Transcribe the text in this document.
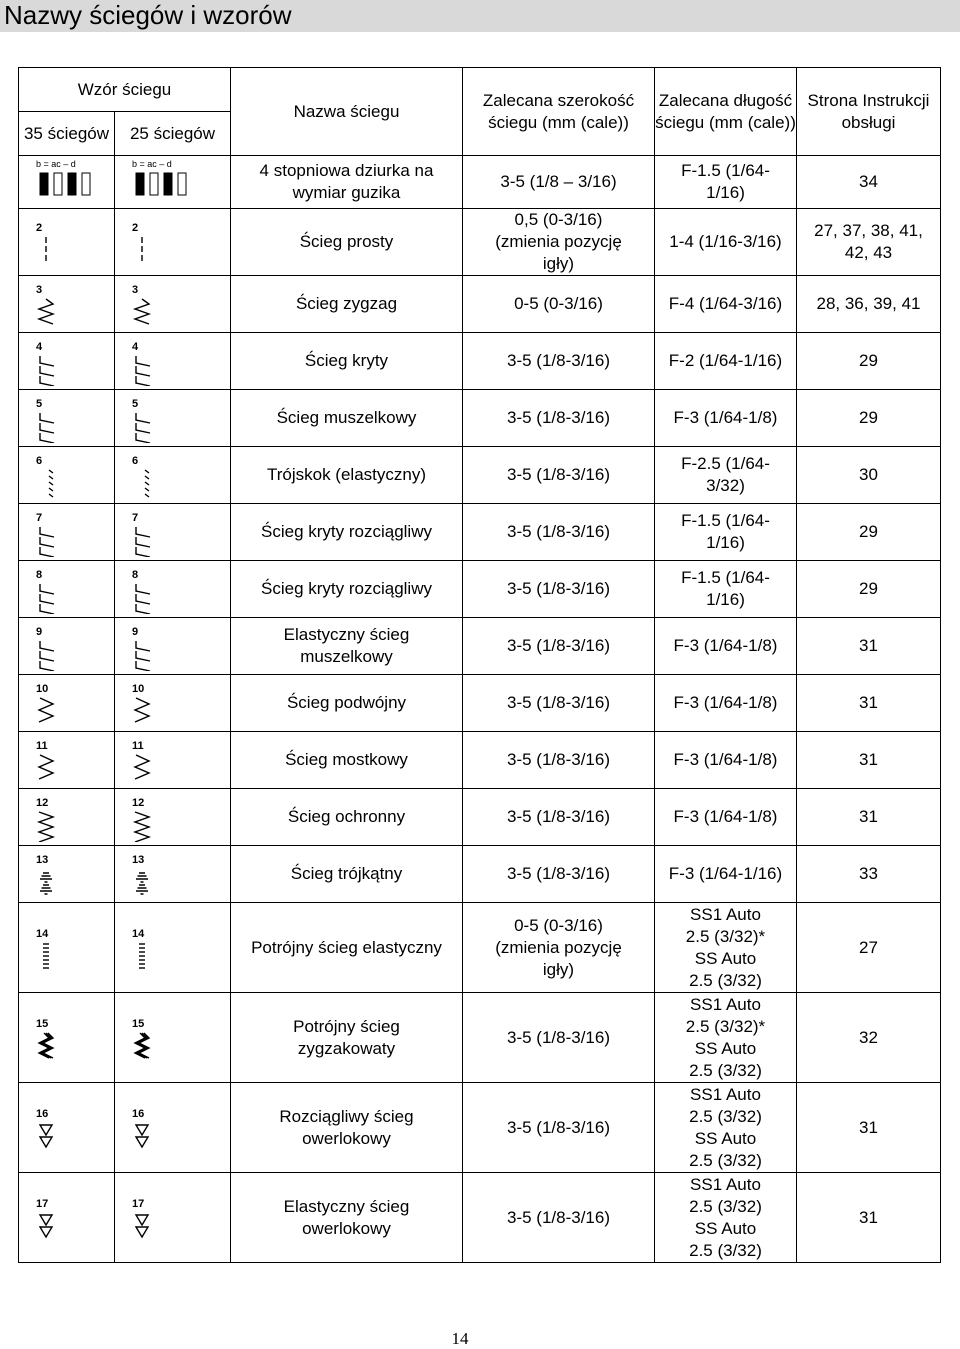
Nazwy ściegów i wzorów
Wzór ściegu		Nazwa ściegu	Zalecana szerokość ściegu (mm (cale))	Zalecana długość ściegu (mm (cale))	Strona Instrukcji obsługi
35 ściegów	25 ściegów				

b = ac – d	b = ac – d	4 stopniowa dziurka na wymiar guzika	3-5 (1/8 – 3/16)	F-1.5 (1/64-1/16)	34

2	2	Ścieg prosty	0,5 (0-3/16) (zmienia pozycję igły)	1-4 (1/16-3/16)	27, 37, 38, 41, 42, 43

3	3	Ścieg zygzag	0-5 (0-3/16)	F-4 (1/64-3/16)	28, 36, 39, 41

4	4	Ścieg kryty	3-5 (1/8-3/16)	F-2 (1/64-1/16)	29

5	5	Ścieg muszelkowy	3-5 (1/8-3/16)	F-3 (1/64-1/8)	29

6	6	Trójskok (elastyczny)	3-5 (1/8-3/16)	F-2.5 (1/64-3/32)	30

7	7	Ścieg kryty rozciągliwy	3-5 (1/8-3/16)	F-1.5 (1/64-1/16)	29

8	8	Ścieg kryty rozciągliwy	3-5 (1/8-3/16)	F-1.5 (1/64-1/16)	29

9	9	Elastyczny ścieg muszelkowy	3-5 (1/8-3/16)	F-3 (1/64-1/8)	31

10	10	Ścieg podwójny	3-5 (1/8-3/16)	F-3 (1/64-1/8)	31

11	11	Ścieg mostkowy	3-5 (1/8-3/16)	F-3 (1/64-1/8)	31

12	12	Ścieg ochronny	3-5 (1/8-3/16)	F-3 (1/64-1/8)	31

13	13	Ścieg trójkątny	3-5 (1/8-3/16)	F-3 (1/64-1/16)	33

14	14	Potrójny ścieg elastyczny	0-5 (0-3/16) (zmienia pozycję igły)	SS1 Auto
2.5 (3/32)*
SS Auto
2.5 (3/32)	27

15	15	Potrójny ścieg zygzakowaty	3-5 (1/8-3/16)	SS1 Auto
2.5 (3/32)*
SS Auto
2.5 (3/32)	32

16	16	Rozciągliwy ścieg owerlokowy	3-5 (1/8-3/16)	SS1 Auto
2.5 (3/32)
SS Auto
2.5 (3/32)	31

17	17	Elastyczny ścieg owerlokowy	3-5 (1/8-3/16)	SS1 Auto
2.5 (3/32)
SS Auto
2.5 (3/32)	31
14
